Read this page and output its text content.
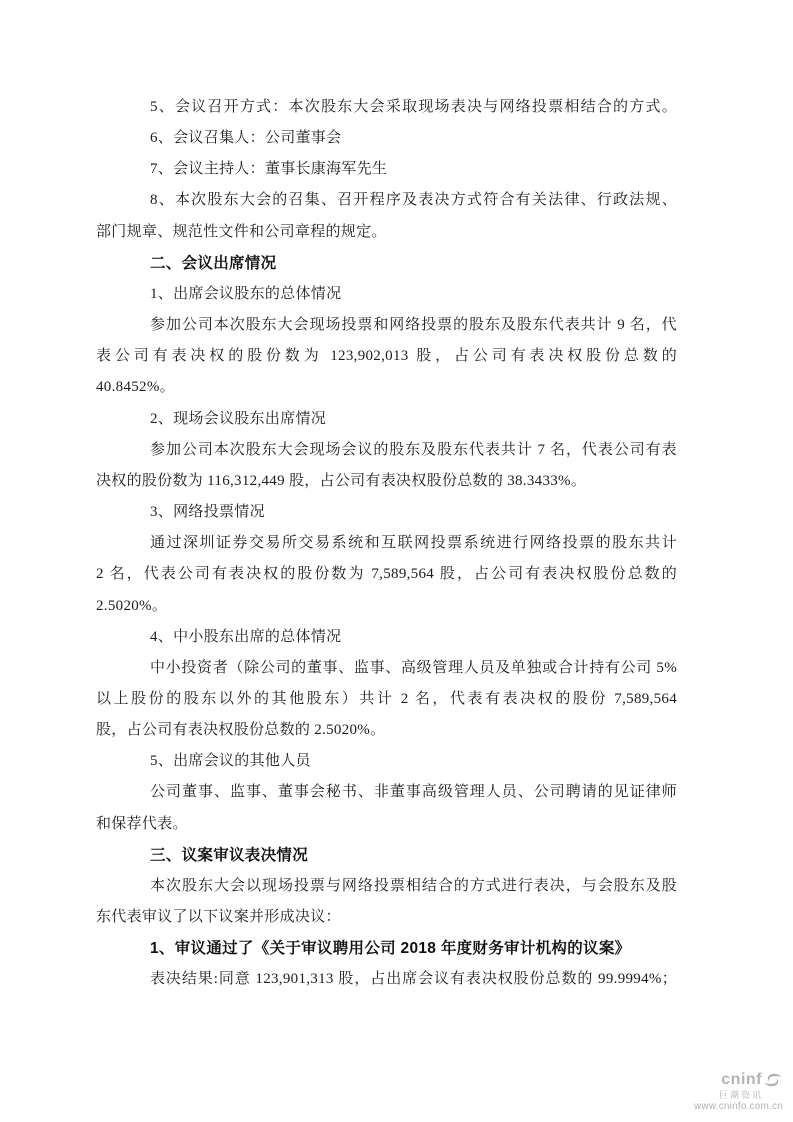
5、会议召开方式：本次股东大会采取现场表决与网络投票相结合的方式。
6、会议召集人：公司董事会
7、会议主持人：董事长康海军先生
8、本次股东大会的召集、召开程序及表决方式符合有关法律、行政法规、
部门规章、规范性文件和公司章程的规定。
二、会议出席情况
1、出席会议股东的总体情况
参加公司本次股东大会现场投票和网络投票的股东及股东代表共计 9 名，代
表公司有表决权的股份数为 123,902,013 股，占公司有表决权股份总数的
40.8452%。
2、现场会议股东出席情况
参加公司本次股东大会现场会议的股东及股东代表共计 7 名，代表公司有表
决权的股份数为 116,312,449 股，占公司有表决权股份总数的 38.3433%。
3、网络投票情况
通过深圳证券交易所交易系统和互联网投票系统进行网络投票的股东共计
2 名，代表公司有表决权的股份数为 7,589,564 股，占公司有表决权股份总数的
2.5020%。
4、中小股东出席的总体情况
中小投资者（除公司的董事、监事、高级管理人员及单独或合计持有公司 5%
以上股份的股东以外的其他股东）共计 2 名，代表有表决权的股份 7,589,564
股，占公司有表决权股份总数的 2.5020%。
5、出席会议的其他人员
公司董事、监事、董事会秘书、非董事高级管理人员、公司聘请的见证律师
和保荐代表。
三、议案审议表决情况
本次股东大会以现场投票与网络投票相结合的方式进行表决，与会股东及股
东代表审议了以下议案并形成决议：
1、审议通过了《关于审议聘用公司 2018 年度财务审计机构的议案》
表决结果:同意 123,901,313 股，占出席会议有表决权股份总数的 99.9994%；
cninf
巨潮资讯
www.cninfo.com.cn
